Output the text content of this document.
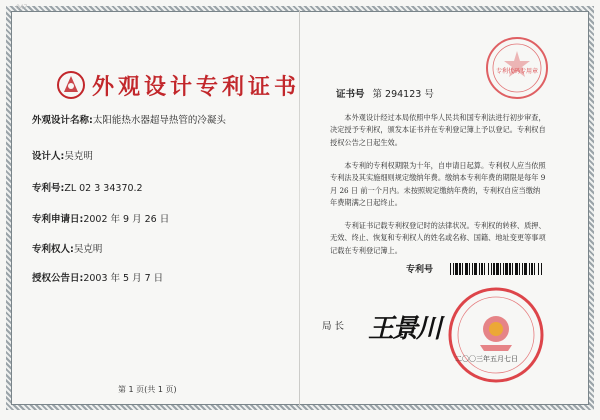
047
外观设计专利证书
外观设计名称:太阳能热水器超导热管的冷凝头
设计人:吴克明
专利号:ZL 02 3 34370.2
专利申请日:2002 年 9 月 26 日
专利权人:吴克明
授权公告日:2003 年 5 月 7 日
第 1 页(共 1 页)
专利代码专用章
证书号 第 294123 号
本外观设计经过本局依照中华人民共和国专利法进行初步审查，决定授予专利权，颁发本证书并在专利登记簿上予以登记。专利权自授权公告之日起生效。
本专利的专利权期限为十年，自申请日起算。专利权人应当依照专利法及其实施细则规定缴纳年费。缴纳本专利年费的期限是每年 9 月 26 日 前一个月内。未按照规定缴纳年费的，专利权自应当缴纳年费期满之日起终止。
专利证书记载专利权登记时的法律状况。专利权的转移、质押、无效、终止、恢复和专利权人的姓名或名称、国籍、地址变更等事项记载在专利登记簿上。
专利号
局 长 王景川
二〇〇三年五月七日
